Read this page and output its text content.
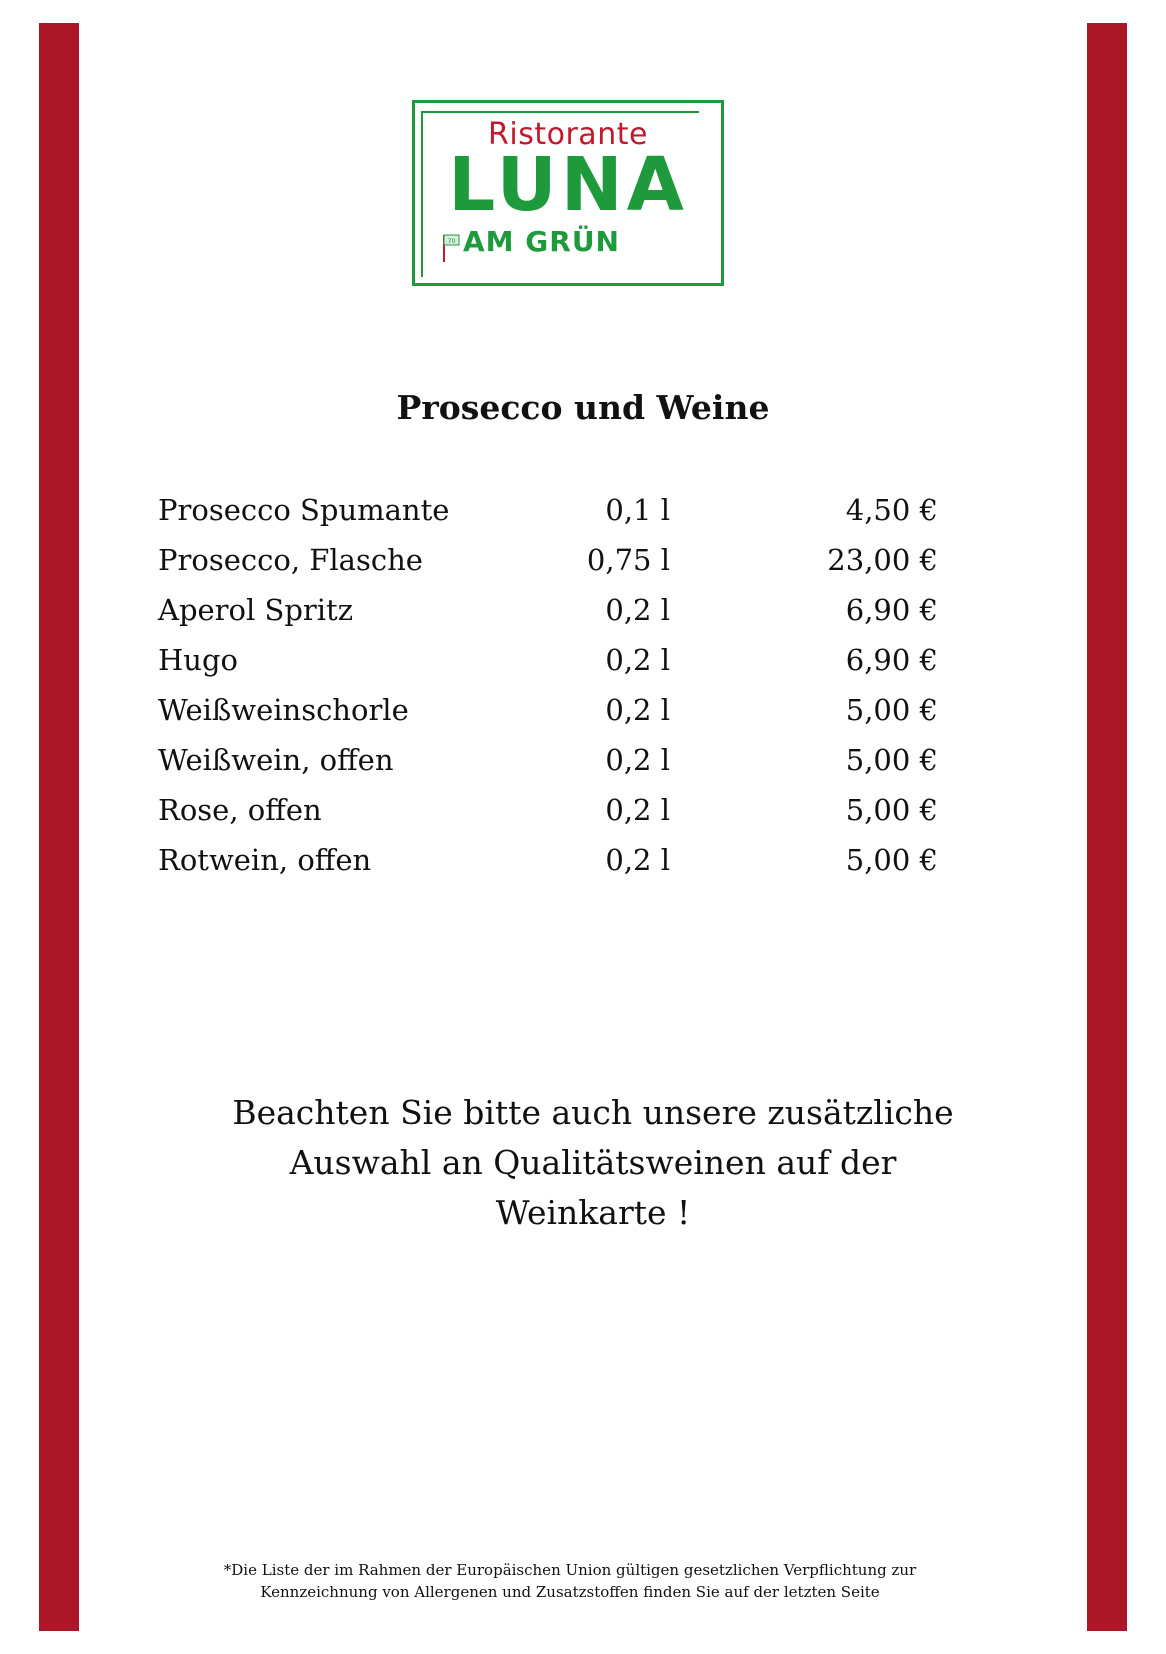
Ristorante
LUNA
70 AM GRÜN
Prosecco und Weine
Prosecco Spumante	0,1 l	4,50 €
Prosecco, Flasche	0,75 l	23,00 €
Aperol Spritz	0,2 l	6,90 €
Hugo	0,2 l	6,90 €
Weißweinschorle	0,2 l	5,00 €
Weißwein, offen	0,2 l	5,00 €
Rose, offen	0,2 l	5,00 €
Rotwein, offen	0,2 l	5,00 €
Beachten Sie bitte auch unsere zusätzliche
Auswahl an Qualitätsweinen auf der
Weinkarte !
*Die Liste der im Rahmen der Europäischen Union gültigen gesetzlichen Verpflichtung zur
Kennzeichnung von Allergenen und Zusatzstoffen finden Sie auf der letzten Seite
